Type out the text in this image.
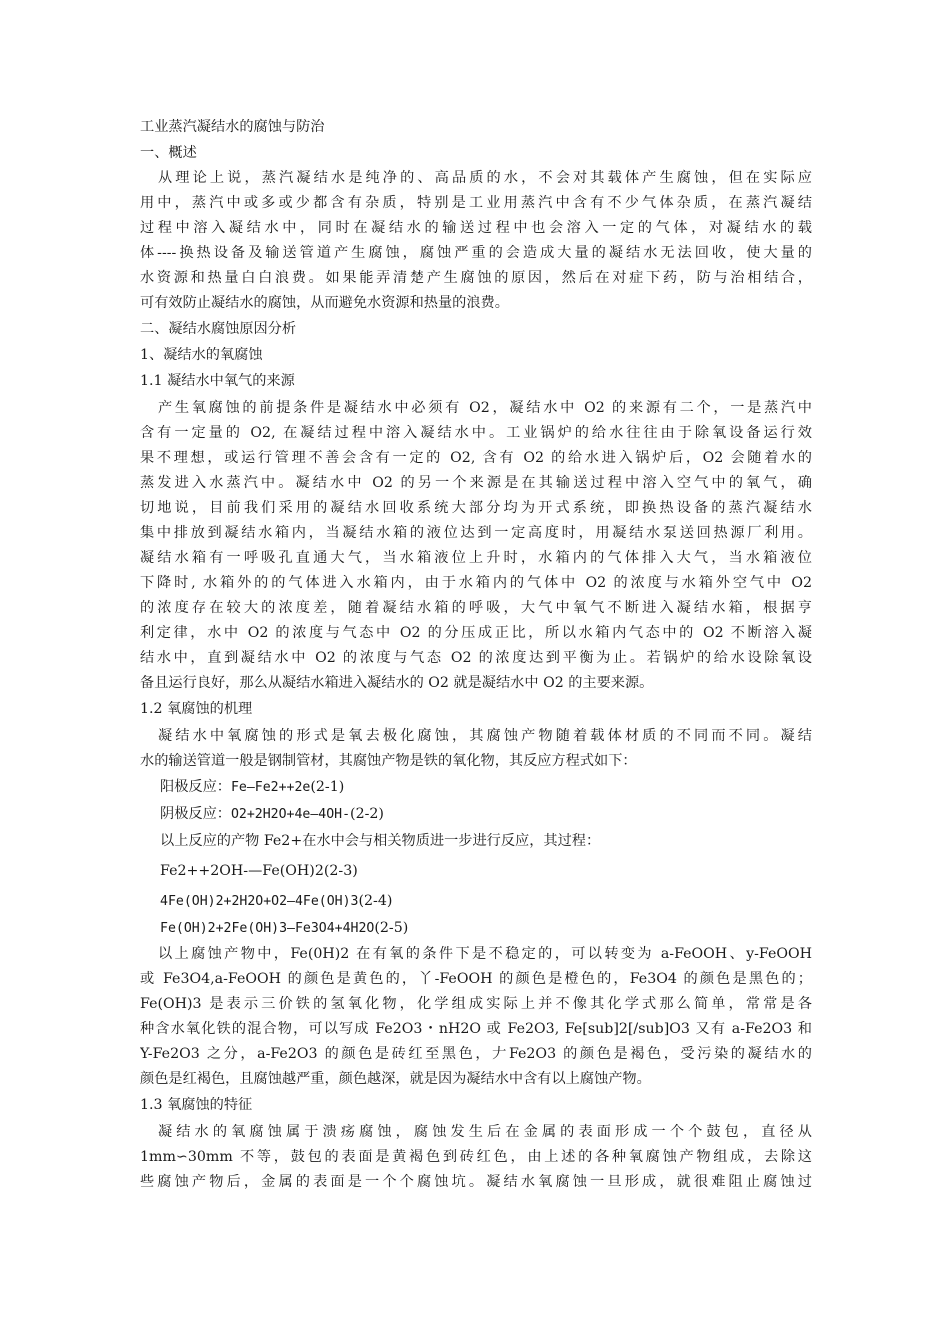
工业蒸汽凝结水的腐蚀与防治
一、概述
从理论上说，蒸汽凝结水是纯净的、高品质的水，不会对其载体产生腐蚀，但在实际应
用中，蒸汽中或多或少都含有杂质，特别是工业用蒸汽中含有不少气体杂质，在蒸汽凝结
过程中溶入凝结水中，同时在凝结水的输送过程中也会溶入一定的气体，对凝结水的载
体----换热设备及输送管道产生腐蚀，腐蚀严重的会造成大量的凝结水无法回收，使大量的
水资源和热量白白浪费。如果能弄清楚产生腐蚀的原因，然后在对症下药，防与治相结合，
可有效防止凝结水的腐蚀，从而避免水资源和热量的浪费。
二、凝结水腐蚀原因分析
1、凝结水的氧腐蚀
1.1 凝结水中氧气的来源
产生氧腐蚀的前提条件是凝结水中必须有 O2，凝结水中 O2 的来源有二个，一是蒸汽中
含有一定量的 O2, 在凝结过程中溶入凝结水中。工业锅炉的给水往往由于除氧设备运行效
果不理想，或运行管理不善会含有一定的 O2, 含有 O2 的给水进入锅炉后，O2 会随着水的
蒸发进入水蒸汽中。凝结水中 O2 的另一个来源是在其输送过程中溶入空气中的氧气，确
切地说，目前我们采用的凝结水回收系统大部分均为开式系统，即换热设备的蒸汽凝结水
集中排放到凝结水箱内，当凝结水箱的液位达到一定高度时，用凝结水泵送回热源厂利用。
凝结水箱有一呼吸孔直通大气，当水箱液位上升时，水箱内的气体排入大气，当水箱液位
下降时, 水箱外的的气体进入水箱内，由于水箱内的气体中 O2 的浓度与水箱外空气中 O2
的浓度存在较大的浓度差，随着凝结水箱的呼吸，大气中氧气不断进入凝结水箱，根据亨
利定律，水中 O2 的浓度与气态中 O2 的分压成正比，所以水箱内气态中的 O2 不断溶入凝
结水中，直到凝结水中 O2 的浓度与气态 O2 的浓度达到平衡为止。若锅炉的给水设除氧设
备且运行良好，那么从凝结水箱进入凝结水的 O2 就是凝结水中 O2 的主要来源。
1.2 氧腐蚀的机理
凝结水中氧腐蚀的形式是氧去极化腐蚀，其腐蚀产物随着载体材质的不同而不同。凝结
水的输送管道一般是钢制管材，其腐蚀产物是铁的氧化物，其反应方程式如下：
阳极反应：Fe—Fe2++2e(2-1)
阴极反应：O2+2H2O+4e—4OH-(2-2)
以上反应的产物 Fe2+在水中会与相关物质进一步进行反应，其过程：
Fe2++2OH-—Fe(OH)2(2-3)
4Fe(OH)2+2H2O+O2—4Fe(OH)3(2-4)
Fe(OH)2+2Fe(OH)3—Fe3O4+4H2O(2-5)
以上腐蚀产物中，Fe(0H)2 在有氧的条件下是不稳定的，可以转变为 a-FeOOH、y-FeOOH
或 Fe3O4,a-FeOOH 的颜色是黄色的，丫-FeOOH 的颜色是橙色的，Fe3O4 的颜色是黑色的；
Fe(OH)3 是表示三价铁的氢氧化物，化学组成实际上并不像其化学式那么简单，常常是各
种含水氧化铁的混合物，可以写成 Fe2O3・nH2O 或 Fe2O3, Fe[sub]2[/sub]O3 又有 a-Fe2O3 和
Y-Fe2O3 之分，a-Fe2O3 的颜色是砖红至黑色，𠂇Fe2O3 的颜色是褐色，受污染的凝结水的
颜色是红褐色，且腐蚀越严重，颜色越深，就是因为凝结水中含有以上腐蚀产物。
1.3 氧腐蚀的特征
凝结水的氧腐蚀属于溃疡腐蚀，腐蚀发生后在金属的表面形成一个个鼓包，直径从
1mm∽30mm 不等，鼓包的表面是黄褐色到砖红色，由上述的各种氧腐蚀产物组成，去除这
些腐蚀产物后，金属的表面是一个个腐蚀坑。凝结水氧腐蚀一旦形成，就很难阻止腐蚀过
